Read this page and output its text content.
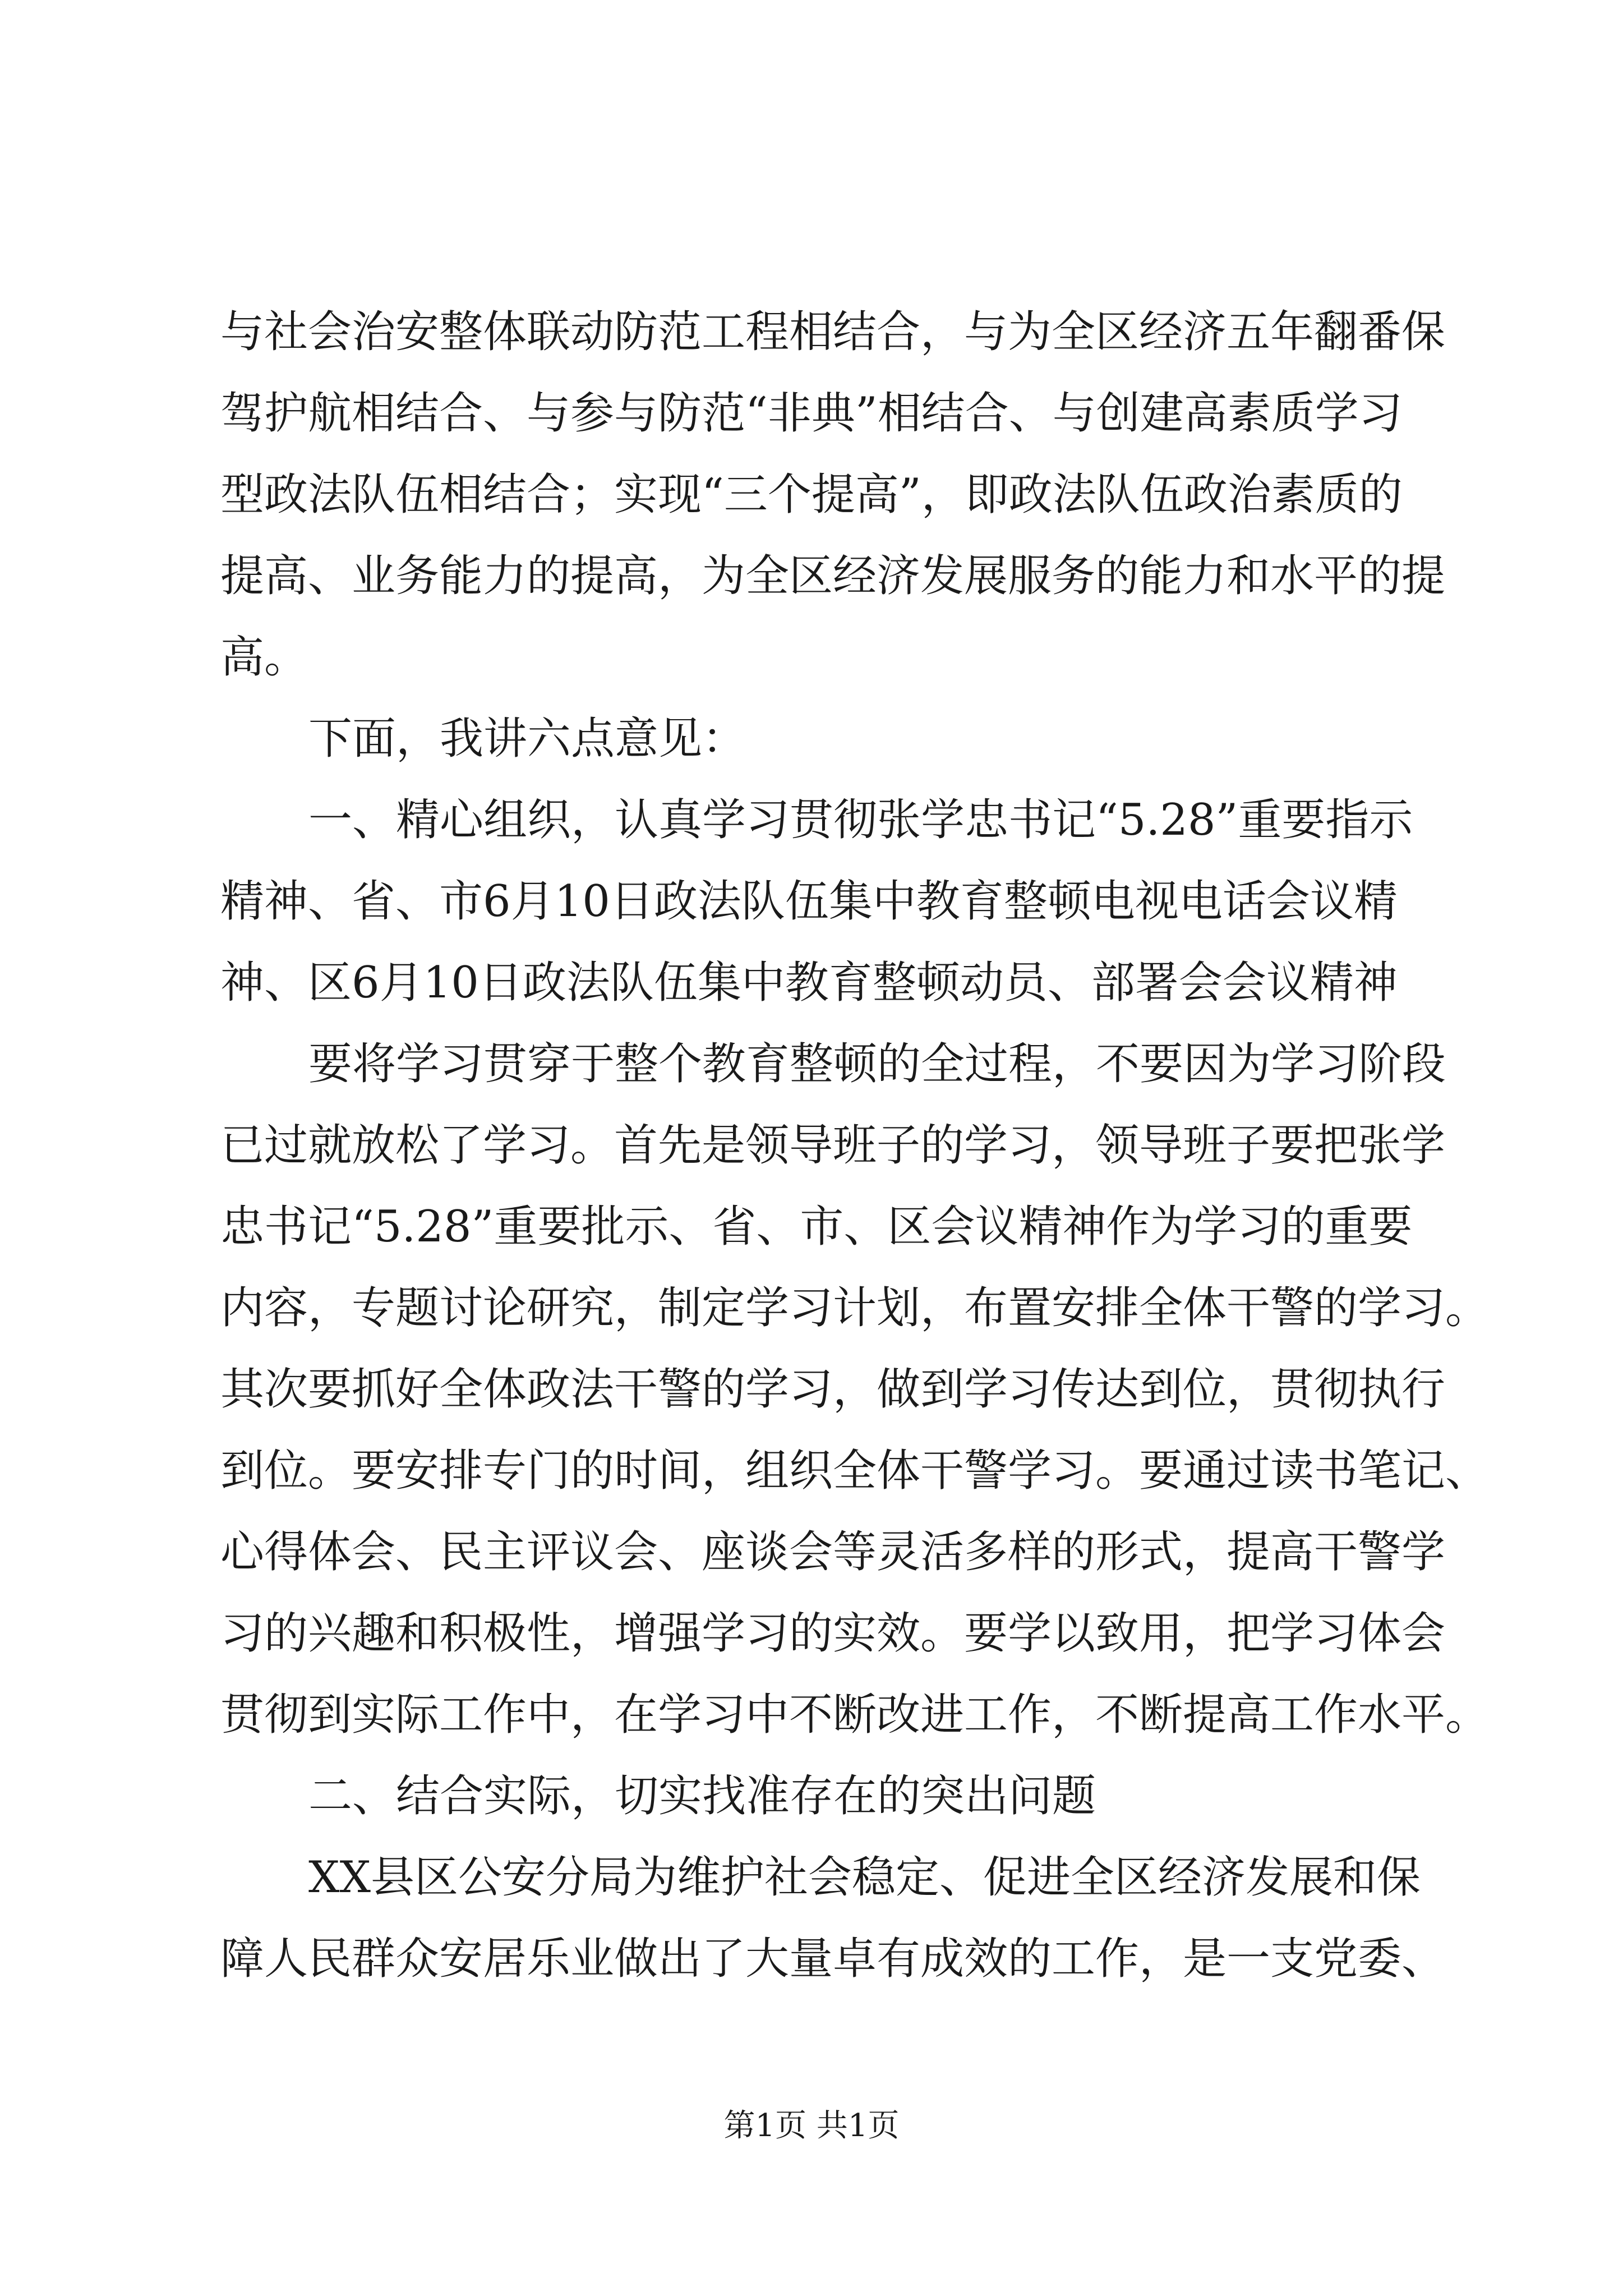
与社会治安整体联动防范工程相结合，与为全区经济五年翻番保
驾护航相结合、与参与防范“非典”相结合、与创建高素质学习
型政法队伍相结合；实现“三个提高”，即政法队伍政治素质的
提高、业务能力的提高，为全区经济发展服务的能力和水平的提
高。
下面，我讲六点意见：
一、精心组织，认真学习贯彻张学忠书记“5.28”重要指示
精神、省、市6月10日政法队伍集中教育整顿电视电话会议精
神、区6月10日政法队伍集中教育整顿动员、部署会会议精神
要将学习贯穿于整个教育整顿的全过程，不要因为学习阶段
已过就放松了学习。首先是领导班子的学习，领导班子要把张学
忠书记“5.28”重要批示、省、市、区会议精神作为学习的重要
内容，专题讨论研究，制定学习计划，布置安排全体干警的学习。
其次要抓好全体政法干警的学习，做到学习传达到位，贯彻执行
到位。要安排专门的时间，组织全体干警学习。要通过读书笔记、
心得体会、民主评议会、座谈会等灵活多样的形式，提高干警学
习的兴趣和积极性，增强学习的实效。要学以致用，把学习体会
贯彻到实际工作中，在学习中不断改进工作，不断提高工作水平。
二、结合实际，切实找准存在的突出问题
XX县区公安分局为维护社会稳定、促进全区经济发展和保
障人民群众安居乐业做出了大量卓有成效的工作，是一支党委、
第1页 共1页
